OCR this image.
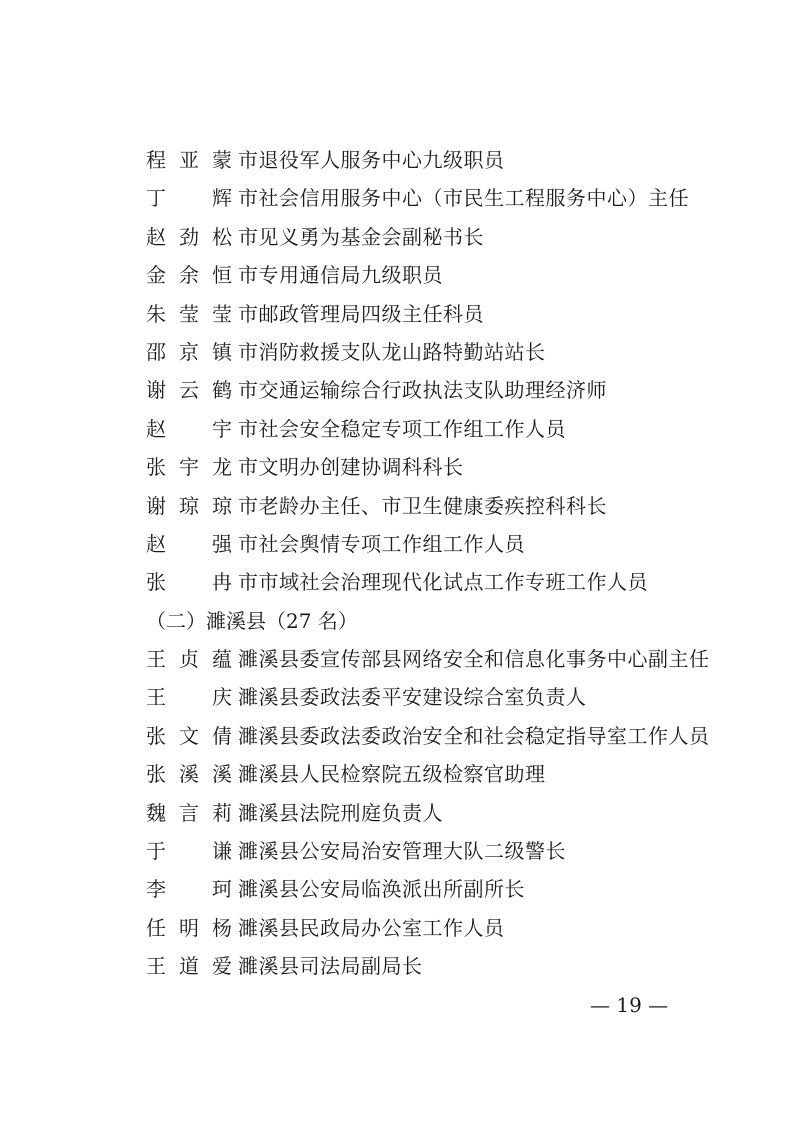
程亚蒙 市退役军人服务中心九级职员
丁　辉 市社会信用服务中心（市民生工程服务中心）主任
赵劲松 市见义勇为基金会副秘书长
金余恒 市专用通信局九级职员
朱莹莹 市邮政管理局四级主任科员
邵京镇 市消防救援支队龙山路特勤站站长
谢云鹤 市交通运输综合行政执法支队助理经济师
赵　宇 市社会安全稳定专项工作组工作人员
张宇龙 市文明办创建协调科科长
谢琼琼 市老龄办主任、市卫生健康委疾控科科长
赵　强 市社会舆情专项工作组工作人员
张　冉 市市域社会治理现代化试点工作专班工作人员
（二）濉溪县（27 名）
王贞蕴 濉溪县委宣传部县网络安全和信息化事务中心副主任
王　庆 濉溪县委政法委平安建设综合室负责人
张文倩 濉溪县委政法委政治安全和社会稳定指导室工作人员
张溪溪 濉溪县人民检察院五级检察官助理
魏言莉 濉溪县法院刑庭负责人
于　谦 濉溪县公安局治安管理大队二级警长
李　珂 濉溪县公安局临涣派出所副所长
任明杨 濉溪县民政局办公室工作人员
王道爱 濉溪县司法局副局长
— 19 —
